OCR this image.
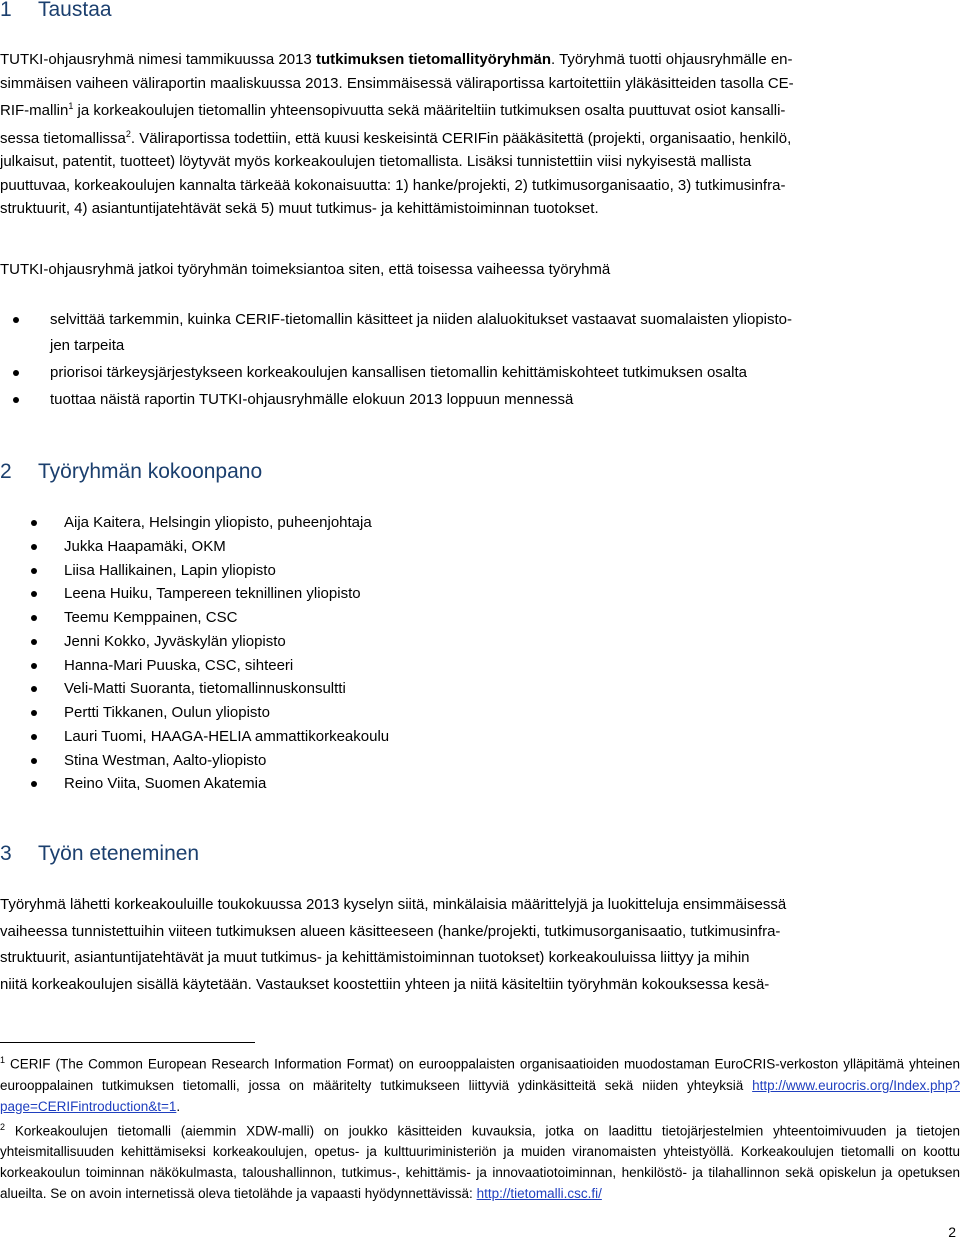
1 Taustaa

TUTKI-ohjausryhmä nimesi tammikuussa 2013 tutkimuksen tietomallityöryhmän. Työryhmä tuotti ohjausryhmälle en-
simmäisen vaiheen väliraportin maaliskuussa 2013. Ensimmäisessä väliraportissa kartoitettiin yläkäsitteiden tasolla CE-
RIF-mallin$^1$ ja korkeakoulujen tietomallin yhteensopivuutta sekä määriteltiin tutkimuksen osalta puuttuvat osiot kansalli-
sessa tietomallissa$^2$. Väliraportissa todettiin, että kuusi keskeisintä CERIFin pääkäsitettä (projekti, organisaatio, henkilö,
julkaisut, patentit, tuotteet) löytyvät myös korkeakoulujen tietomallista. Lisäksi tunnistettiin viisi nykyisestä mallista
puuttuvaa, korkeakoulujen kannalta tärkeää kokonaisuutta: 1) hanke/projekti, 2) tutkimusorganisaatio, 3) tutkimusinfra-
struktuurit, 4) asiantuntijatehtävät sekä 5) muut tutkimus- ja kehittämistoiminnan tuotokset.

TUTKI-ohjausryhmä jatkoi työryhmän toimeksiantoa siten, että toisessa vaiheessa työryhmä

selvittää tarkemmin, kuinka CERIF-tietomallin käsitteet ja niiden alaluokitukset vastaavat suomalaisten yliopisto-
jen tarpeita
priorisoi tärkeysjärjestykseen korkeakoulujen kansallisen tietomallin kehittämiskohteet tutkimuksen osalta
tuottaa näistä raportin TUTKI-ohjausryhmälle elokuun 2013 loppuun mennessä
2 Työryhmän kokoonpano
Aija Kaitera, Helsingin yliopisto, puheenjohtaja
Jukka Haapamäki, OKM
Liisa Hallikainen, Lapin yliopisto
Leena Huiku, Tampereen teknillinen yliopisto
Teemu Kemppainen, CSC
Jenni Kokko, Jyväskylän yliopisto
Hanna-Mari Puuska, CSC, sihteeri
Veli-Matti Suoranta, tietomallinnuskonsultti
Pertti Tikkanen, Oulun yliopisto
Lauri Tuomi, HAAGA-HELIA ammattikorkeakoulu
Stina Westman, Aalto-yliopisto
Reino Viita, Suomen Akatemia
3 Työn eteneminen

Työryhmä lähetti korkeakouluille toukokuussa 2013 kyselyn siitä, minkälaisia määrittelyjä ja luokitteluja ensimmäisessä
vaiheessa tunnistettuihin viiteen tutkimuksen alueen käsitteeseen (hanke/projekti, tutkimusorganisaatio, tutkimusinfra-
struktuurit, asiantuntijatehtävät ja muut tutkimus- ja kehittämistoiminnan tuotokset) korkeakouluissa liittyy ja mihin
niitä korkeakoulujen sisällä käytetään. Vastaukset koostettiin yhteen ja niitä käsiteltiin työryhmän kokouksessa kesä-

$^1$ CERIF (The Common European Research Information Format) on eurooppalaisten organisaatioiden muodostaman EuroCRIS-verkoston ylläpitämä yhteinen eurooppalainen tutkimuksen tietomalli, jossa on määritelty tutkimukseen liittyviä ydinkäsitteitä sekä niiden yhteyksiä http://www.eurocris.org/Index.php?page=CERIFintroduction&t=1.

$^2$ Korkeakoulujen tietomalli (aiemmin XDW-malli) on joukko käsitteiden kuvauksia, jotka on laadittu tietojärjestelmien yhteentoimivuuden ja tietojen yhteismitallisuuden kehittämiseksi korkeakoulujen, opetus- ja kulttuuriministeriön ja muiden viranomaisten yhteistyöllä. Korkeakoulujen tietomalli on koottu korkeakoulun toiminnan näkökulmasta, taloushallinnon, tutkimus-, kehittämis- ja innovaatiotoiminnan, henkilöstö- ja tilahallinnon sekä opiskelun ja opetuksen alueilta. Se on avoin internetissä oleva tietolähde ja vapaasti hyödynnettävissä: http://tietomalli.csc.fi/

2
